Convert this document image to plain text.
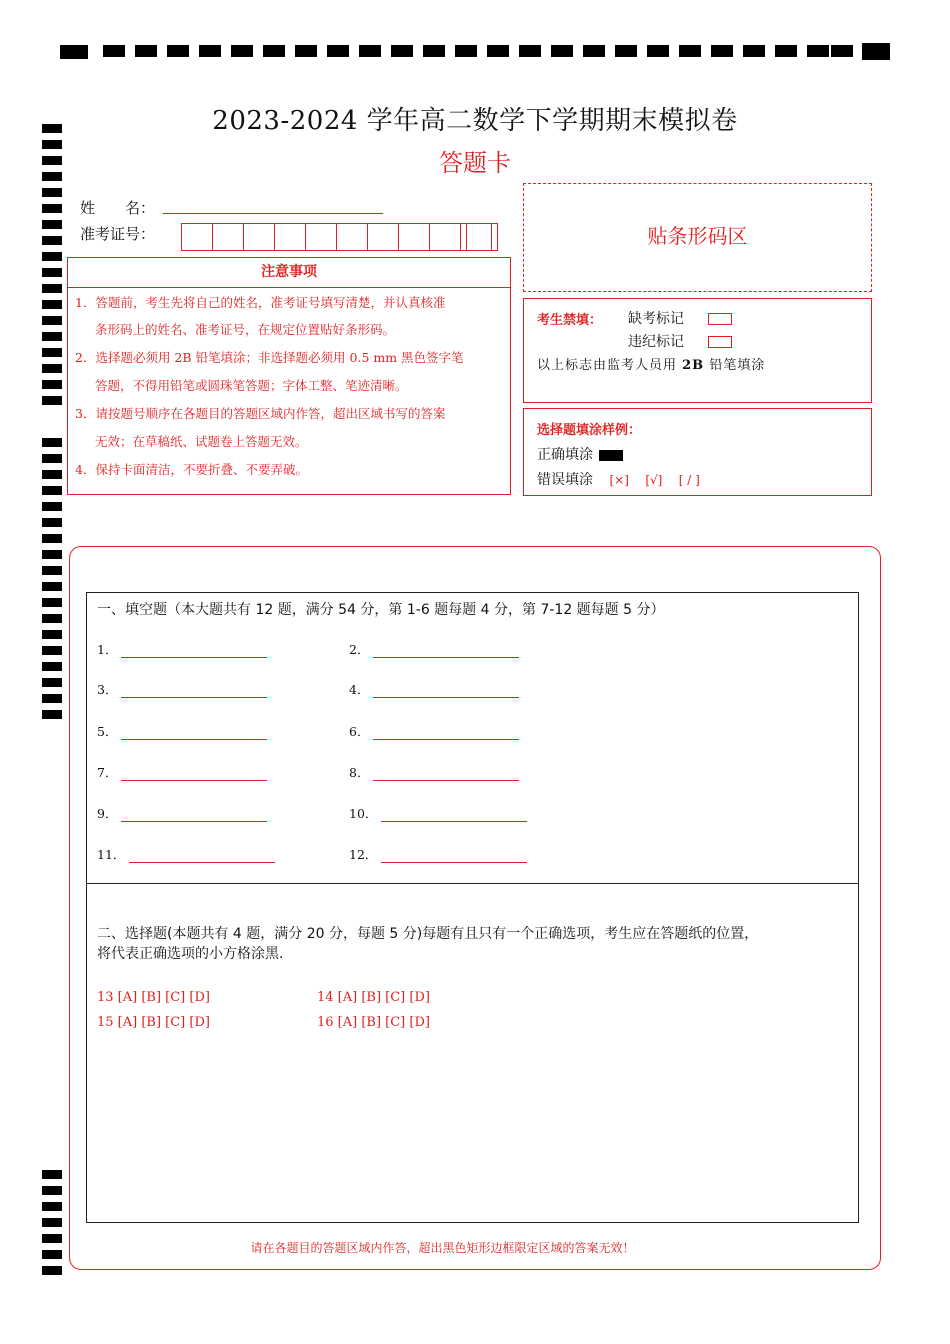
2023-2024 学年高二数学下学期期末模拟卷
答题卡
姓　　名：
准考证号：	贴条形码区
注意事项
1．答题前，考生先将自己的姓名，准考证号填写清楚，并认真核准
条形码上的姓名、准考证号，在规定位置贴好条形码。
2．选择题必须用 2B 铅笔填涂；非选择题必须用 0.5 mm 黑色签字笔
答题，不得用铅笔或圆珠笔答题；字体工整、笔迹清晰。
3．请按题号顺序在各题目的答题区域内作答，超出区域书写的答案
无效；在草稿纸、试题卷上答题无效。
4．保持卡面清洁，不要折叠、不要弄破。
考生禁填： 缺考标记
违纪标记
以上标志由监考人员用 2B 铅笔填涂
选择题填涂样例：
正确填涂
错误填涂 [×] [√] [ / ]
一、填空题（本大题共有 12 题，满分 54 分，第 1-6 题每题 4 分，第 7-12 题每题 5 分）
1．	2．
3．	4．
5．	6．
7．	8．
9．	10．
11．	12．
二、选择题(本题共有 4 题，满分 20 分，每题 5 分)每题有且只有一个正确选项，考生应在答题纸的位置，
将代表正确选项的小方格涂黑.
13 [A] [B] [C] [D]	14 [A] [B] [C] [D]
15 [A] [B] [C] [D]	16 [A] [B] [C] [D]
请在各题目的答题区域内作答，超出黑色矩形边框限定区域的答案无效！
